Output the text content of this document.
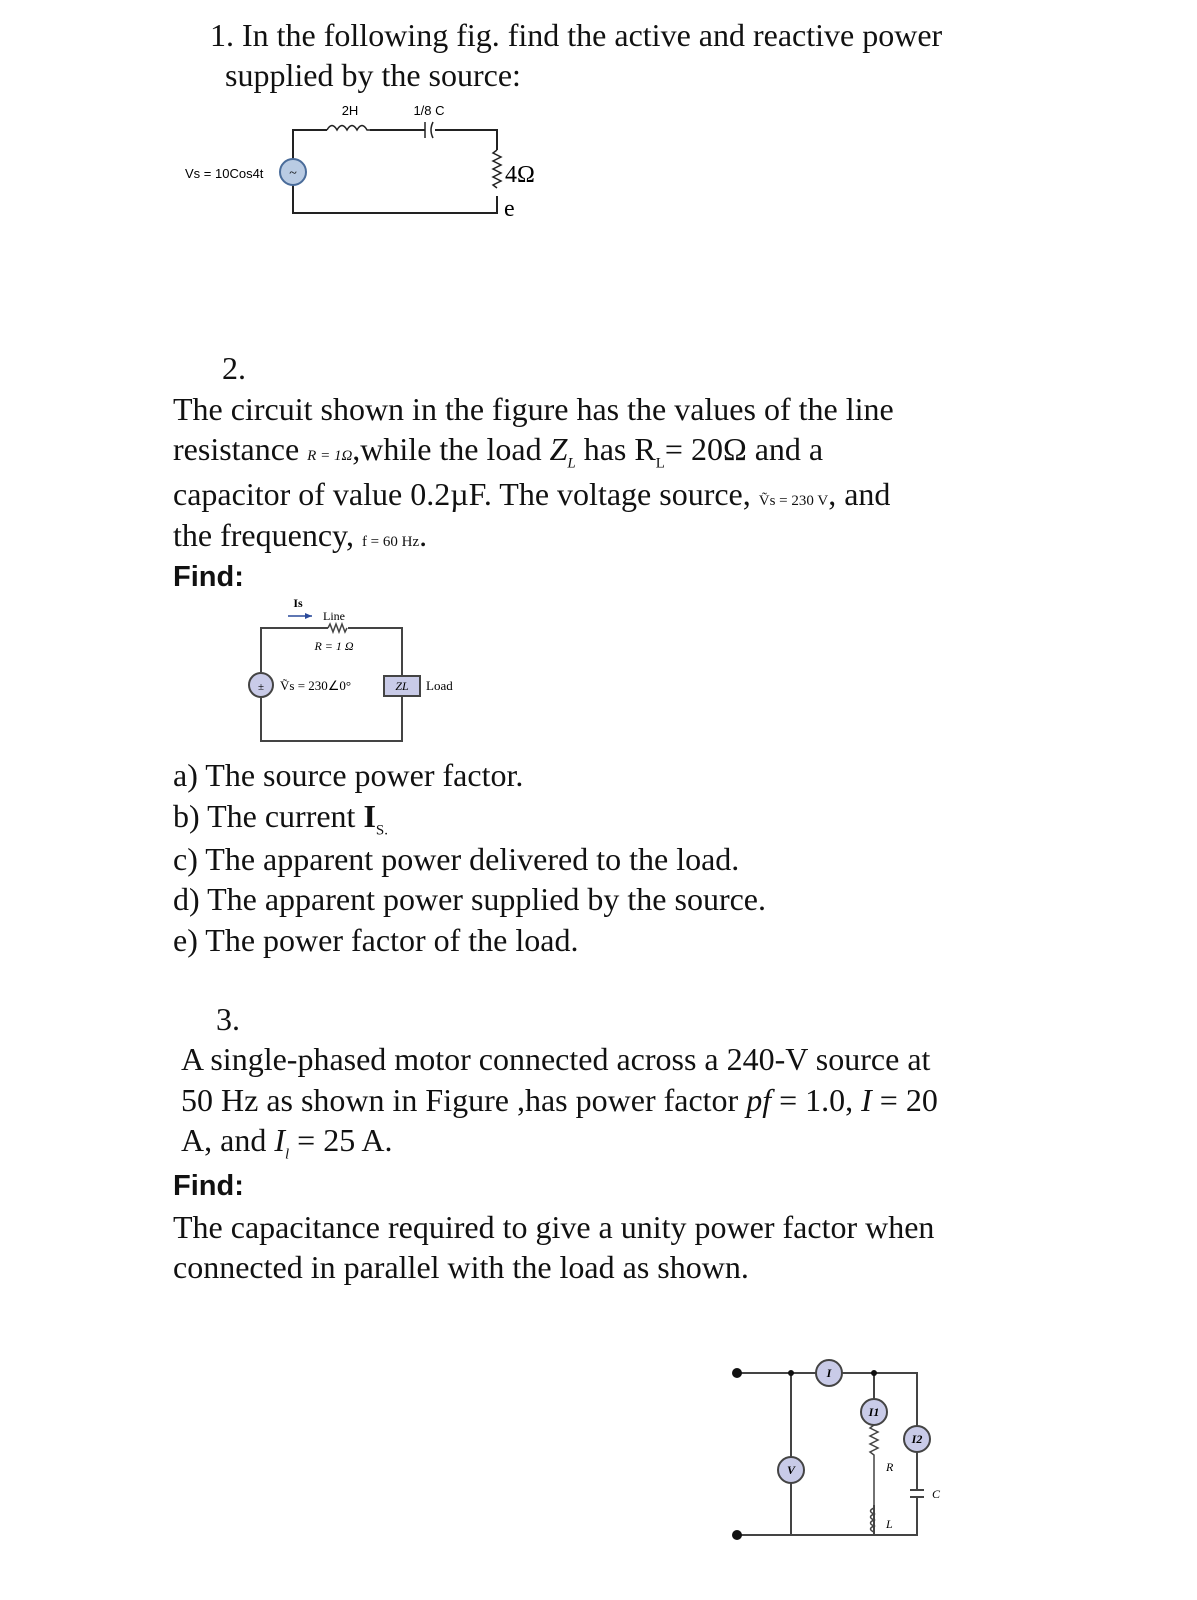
1. In the following fig. find the active and reactive power
supplied by the source:
~
2H	1/8 C
Vs = 10Cos4t	4Ω
e
2.
The circuit shown in the figure has the values of the line
resistance R = 1Ω,while the load $Z_L$ has $R_L= 20\Omega$ and a
capacitor of value 0.2µF. The voltage source, Ṽs = 230 V, and
the frequency, f = 60 Hz.
Find:
±
Is
Line
R = 1 Ω
Ṽs = 230∠0°	ZL Load
a) The source power factor.
b) The current $I_{S.}$
c) The apparent power delivered to the load.
d) The apparent power supplied by the source.
e) The power factor of the load.
3.
A single-phased motor connected across a 240-V source at
50 Hz as shown in Figure ,has power factor pf = 1.0, I = 20
A, and $I_l = 25$ A.
Find:
The capacitance required to give a unity power factor when
connected in parallel with the load as shown.
I
I1
I2
V	R
L
C
